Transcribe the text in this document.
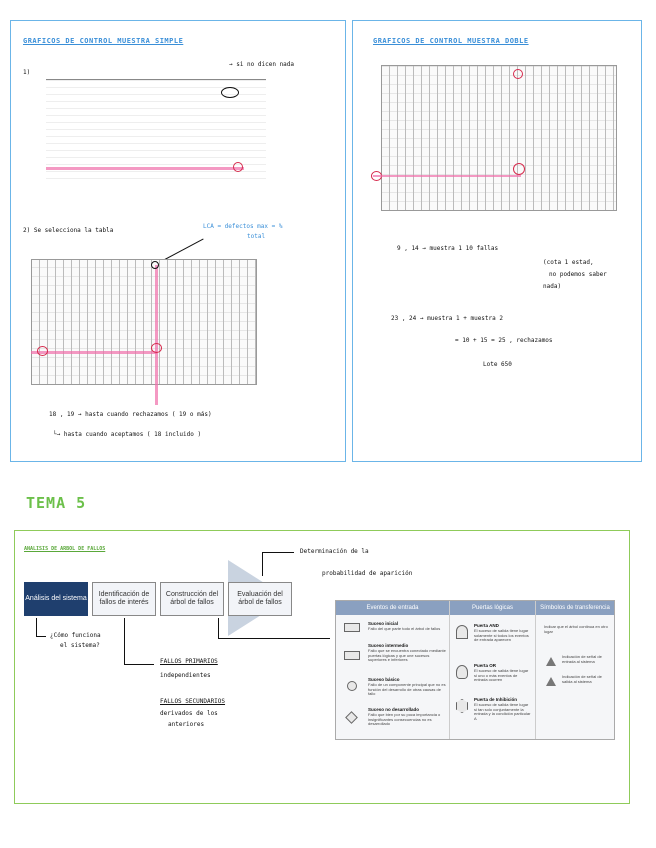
GRAFICOS DE CONTROL MUESTRA SIMPLE
1)
→ si no dicen nada
2) Se selecciona la tabla
LCA = defectos max = %
total
18 , 19 → hasta cuando rechazamos ( 19 o más)
└→ hasta cuando aceptamos ( 18 incluido )
GRAFICOS DE CONTROL MUESTRA DOBLE
9 , 14 → muestra 1 10 fallas
(cota 1 estad,
no podemos saber
nada)
23 , 24 → muestra 1 + muestra 2
= 10 + 15 = 25 , rechazamos
Lote 650
TEMA 5
ANALISIS DE ARBOL DE FALLOS
Análisis del sistema
Identificación de fallos de interés
Construcción del árbol de fallos
Evaluación del árbol de fallos
Determinación de la
probabilidad de aparición
¿Cómo funciona
el sistema?
FALLOS PRIMARIOS
independientes
FALLOS SECUNDARIOS
derivados de los
anteriores
Eventos de entrada
Suceso inicial
Fallo del que parte todo el árbol de fallos
Suceso intermedio
Fallo que se encuentra conectado mediante puertas lógicas y que une sucesos superiores e inferiores
Suceso básico
Fallo de un componente principal que no es función del desarrollo de otras causas de fallo
Suceso no desarrollado
Fallo que bien por su poca importancia o insignificantes consecuencias no es desarrollado
Puertas lógicas
Puerta AND
El suceso de salida tiene lugar solamente si todos los eventos de entrada aparecen
Puerta OR
El suceso de salida tiene lugar si uno o más eventos de entrada ocurren
Puerta de Inhibición
El suceso de salida tiene lugar si tan solo conjuntamente la entrada y la condición particular A
Símbolos de transferencia
Indicar que el árbol continua en otro lugar
Indicación de señal de entrada al sistema
Indicación de señal de salida al sistema
